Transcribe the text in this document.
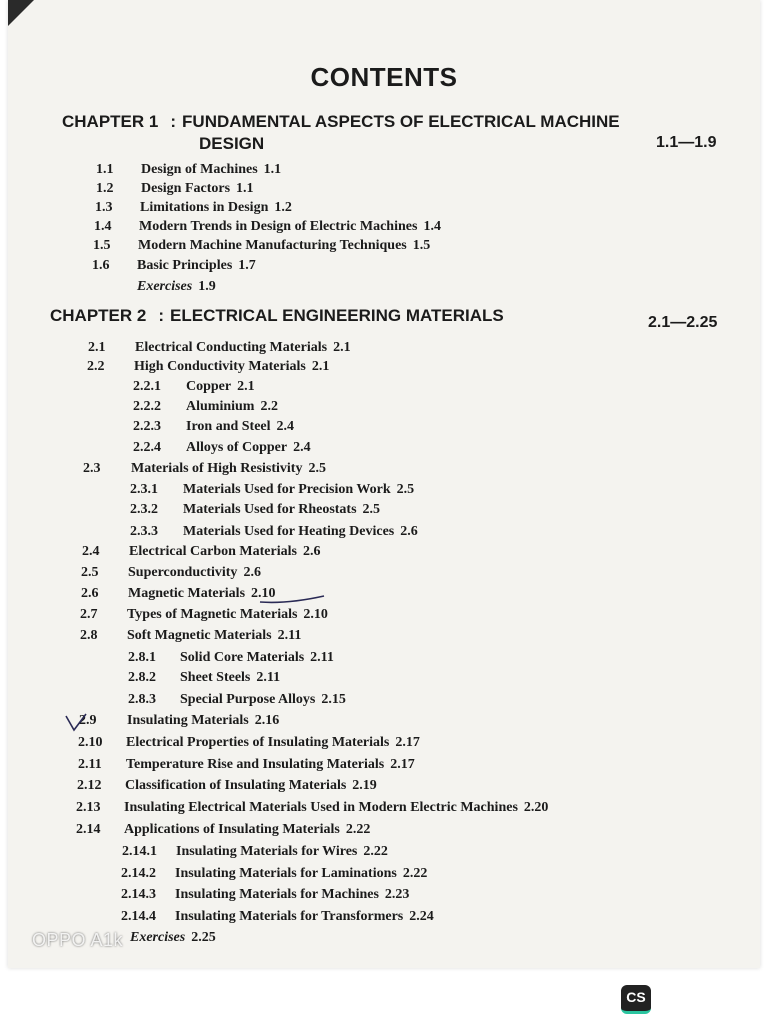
CONTENTS
CHAPTER 1 : FUNDAMENTAL ASPECTS OF ELECTRICAL MACHINE
DESIGN	1.1—1.9
1.1 Design of Machines 1.1
1.2 Design Factors 1.1
1.3 Limitations in Design 1.2
1.4 Modern Trends in Design of Electric Machines 1.4
1.5 Modern Machine Manufacturing Techniques 1.5
1.6 Basic Principles 1.7
Exercises 1.9
CHAPTER 2 : ELECTRICAL ENGINEERING MATERIALS	2.1—2.25
2.1 Electrical Conducting Materials 2.1
2.2 High Conductivity Materials 2.1
2.2.1 Copper 2.1
2.2.2 Aluminium 2.2
2.2.3 Iron and Steel 2.4
2.2.4 Alloys of Copper 2.4
2.3 Materials of High Resistivity 2.5
2.3.1 Materials Used for Precision Work 2.5
2.3.2 Materials Used for Rheostats 2.5
2.3.3 Materials Used for Heating Devices 2.6
2.4 Electrical Carbon Materials 2.6
2.5 Superconductivity 2.6
2.6 Magnetic Materials 2.10
2.7 Types of Magnetic Materials 2.10
2.8 Soft Magnetic Materials 2.11
2.8.1 Solid Core Materials 2.11
2.8.2 Sheet Steels 2.11
2.8.3 Special Purpose Alloys 2.15
2.9 Insulating Materials 2.16
2.10 Electrical Properties of Insulating Materials 2.17
2.11 Temperature Rise and Insulating Materials 2.17
2.12 Classification of Insulating Materials 2.19
2.13 Insulating Electrical Materials Used in Modern Electric Machines 2.20
2.14 Applications of Insulating Materials 2.22
2.14.1 Insulating Materials for Wires 2.22
2.14.2 Insulating Materials for Laminations 2.22
2.14.3 Insulating Materials for Machines 2.23
2.14.4 Insulating Materials for Transformers 2.24
Exercises 2.25
OPPO A1k
CS
